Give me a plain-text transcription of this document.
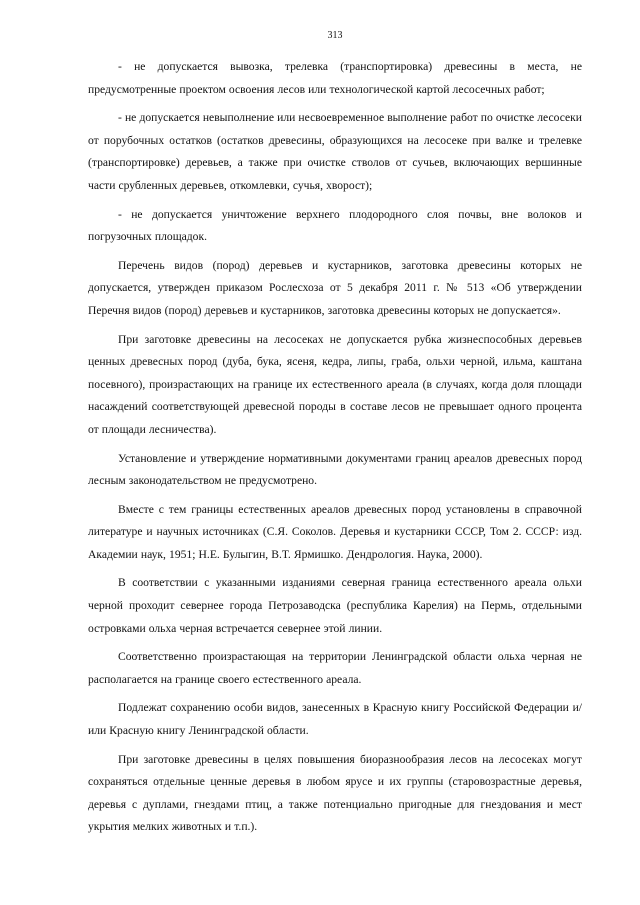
313

- не допускается вывозка, трелевка (транспортировка) древесины в места, не предусмотренные проектом освоения лесов или технологической картой лесосечных работ;

- не допускается невыполнение или несвоевременное выполнение работ по очистке лесосеки от порубочных остатков (остатков древесины, образующихся на лесосеке при валке и трелевке (транспортировке) деревьев, а также при очистке стволов от сучьев, включающих вершинные части срубленных деревьев, откомлевки, сучья, хворост);

- не допускается уничтожение верхнего плодородного слоя почвы, вне волоков и погрузочных площадок.

Перечень видов (пород) деревьев и кустарников, заготовка древесины которых не допускается, утвержден приказом Рослесхоза от 5 декабря 2011 г. № 513 «Об утверждении Перечня видов (пород) деревьев и кустарников, заготовка древесины которых не допускается».

При заготовке древесины на лесосеках не допускается рубка жизнеспособных деревьев ценных древесных пород (дуба, бука, ясеня, кедра, липы, граба, ольхи черной, ильма, каштана посевного), произрастающих на границе их естественного ареала (в случаях, когда доля площади насаждений соответствующей древесной породы в составе лесов не превышает одного процента от площади лесничества).

Установление и утверждение нормативными документами границ ареалов древесных пород лесным законодательством не предусмотрено.

Вместе с тем границы естественных ареалов древесных пород установлены в справочной литературе и научных источниках (С.Я. Соколов. Деревья и кустарники СССР, Том 2. СССР: изд. Академии наук, 1951; Н.Е. Булыгин, В.Т. Ярмишко. Дендрология. Наука, 2000).

В соответствии с указанными изданиями северная граница естественного ареала ольхи черной проходит севернее города Петрозаводска (республика Карелия) на Пермь, отдельными островками ольха черная встречается севернее этой линии.

Соответственно произрастающая на территории Ленинградской области ольха черная не располагается на границе своего естественного ареала.

Подлежат сохранению особи видов, занесенных в Красную книгу Российской Федерации и/или Красную книгу Ленинградской области.

При заготовке древесины в целях повышения биоразнообразия лесов на лесосеках могут сохраняться отдельные ценные деревья в любом ярусе и их группы (старовозрастные деревья, деревья с дуплами, гнездами птиц, а также потенциально пригодные для гнездования и мест укрытия мелких животных и т.п.).
